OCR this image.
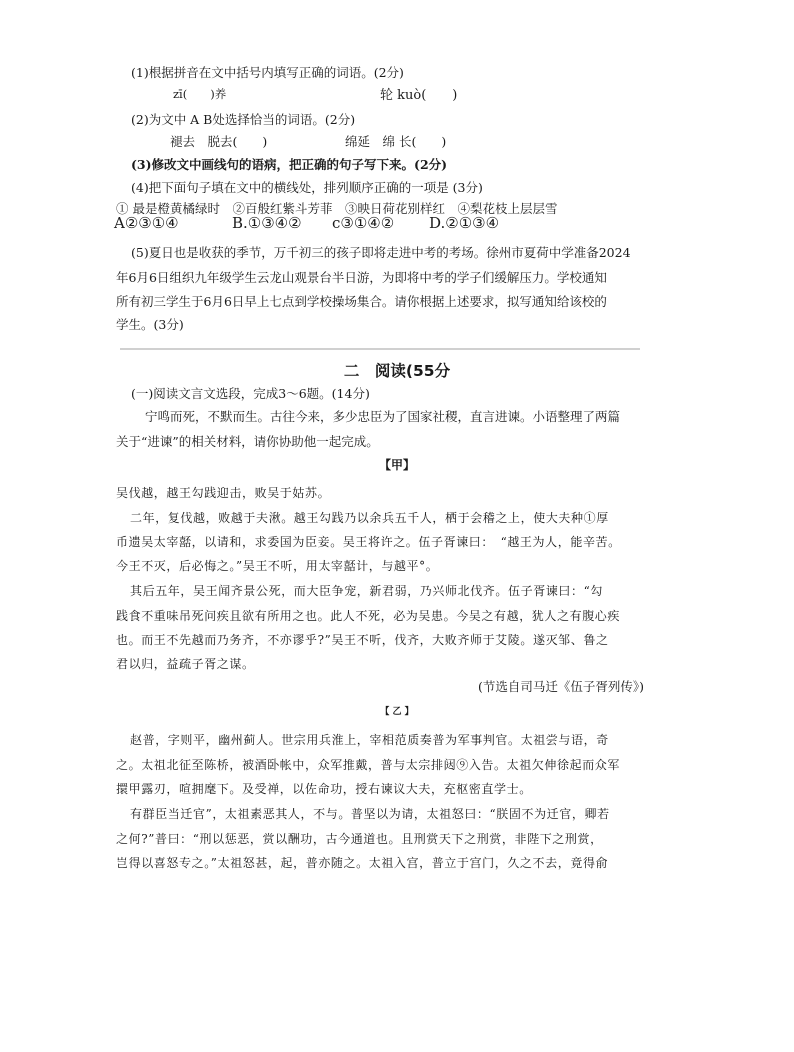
(1)根据拼音在文中括号内填写正确的词语。(2分)
zī(　　)养	轮 kuò(　　)
(2)为文中 A B处选择恰当的词语。(2分)
褪去　脱去(　　)	绵延　绵 长(　　)
(3)修改文中画线句的语病，把正确的句子写下来。(2分)
(4)把下面句子填在文中的横线处，排列顺序正确的一项是 (3分)
① 最是橙黄橘绿时　②百般红紫斗芳菲　③映日荷花别样红　④梨花枝上层层雪
A②③①④	B.①③④② c③①④② D.②①③④
(5)夏日也是收获的季节，万千初三的孩子即将走进中考的考场。徐州市夏荷中学准备2024
年6月6日组织九年级学生云龙山观景台半日游，为即将中考的学子们缓解压力。学校通知
所有初三学生于6月6日早上七点到学校操场集合。请你根据上述要求，拟写通知给该校的
学生。(3分)
二　阅读(55分
(一)阅读文言文选段，完成3～6题。(14分)
宁鸣而死，不默而生。古往今来，多少忠臣为了国家社稷，直言进谏。小语整理了两篇
关于“进谏”的相关材料，请你协助他一起完成。
【甲】
吴伐越，越王勾践迎击，败吴于姑苏。
二年，复伐越，败越于夫湫。越王勾践乃以余兵五千人，栖于会稽之上，使大夫种①厚
币遗吴太宰嚭，以请和，求委国为臣妾。吴王将许之。伍子胥谏曰：　“越王为人，能辛苦。
今王不灭，后必悔之。”吴王不听，用太宰嚭计，与越平°。
其后五年，吴王闻齐景公死，而大臣争宠，新君弱，乃兴师北伐齐。伍子胥谏曰：“勾
践食不重味吊死问疾且欲有所用之也。此人不死，必为吴患。今吴之有越，犹人之有腹心疾
也。而王不先越而乃务齐，不亦谬乎?”吴王不听，伐齐，大败齐师于艾陵。遂灭邹、鲁之
君以归，益疏子胥之谋。
(节选自司马迁《伍子胥列传》)
【 乙 】
赵普，字则平，幽州蓟人。世宗用兵淮上，宰相范质奏普为军事判官。太祖尝与语，奇
之。太祖北征至陈桥，被酒卧帐中，众军推戴，普与太宗排闼⑨入告。太祖欠伸徐起而众军
擐甲露刃，喧拥麾下。及受禅，以佐命功，授右谏议大夫，充枢密直学士。
有群臣当迁官”，太祖素恶其人，不与。普坚以为请，太祖怒曰：“朕固不为迁官，卿若
之何?”普曰：“刑以惩恶，赏以酬功，古今通道也。且刑赏天下之刑赏，非陛下之刑赏，
岂得以喜怒专之。”太祖怒甚，起，普亦随之。太祖入宫，普立于宫门，久之不去，竟得俞
